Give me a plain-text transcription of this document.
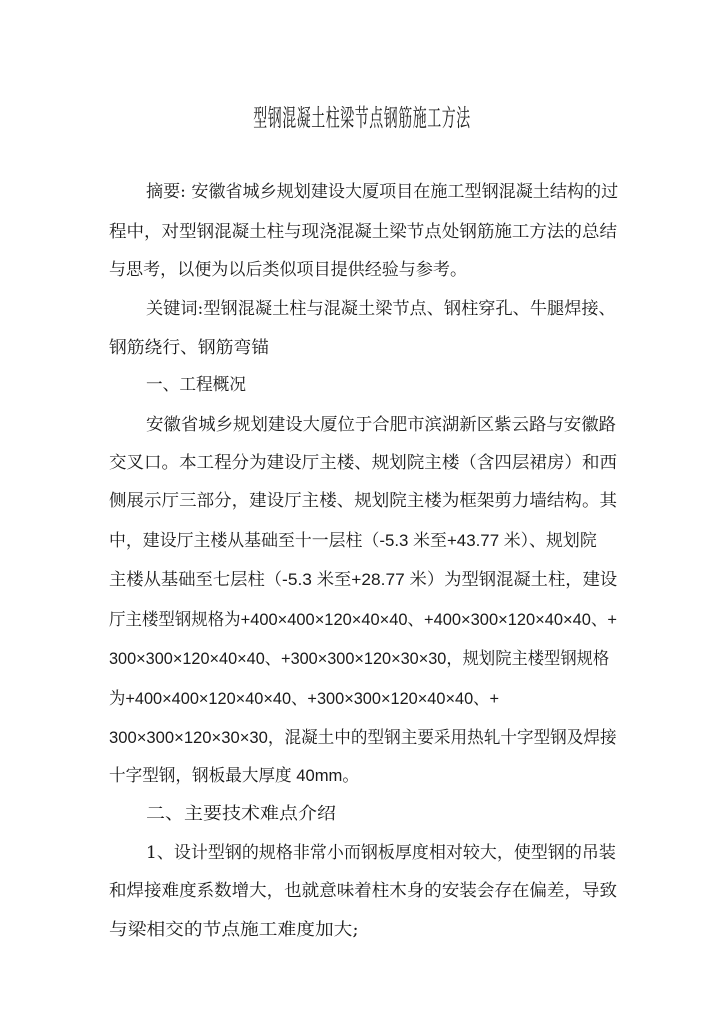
型钢混凝土柱梁节点钢筋施工方法
摘要: 安徽省城乡规划建设大厦项目在施工型钢混凝土结构的过
程中，对型钢混凝土柱与现浇混凝土梁节点处钢筋施工方法的总结
与思考，以便为以后类似项目提供经验与参考。
关键词:型钢混凝土柱与混凝土梁节点、钢柱穿孔、牛腿焊接、
钢筋绕行、钢筋弯锚
一、工程概况
安徽省城乡规划建设大厦位于合肥市滨湖新区紫云路与安徽路
交叉口。本工程分为建设厅主楼、规划院主楼（含四层裙房）和西
侧展示厅三部分，建设厅主楼、规划院主楼为框架剪力墙结构。其
中，建设厅主楼从基础至十一层柱（-5.3 米至+43.77 米）、规划院
主楼从基础至七层柱（-5.3 米至+28.77 米）为型钢混凝土柱，建设
厅主楼型钢规格为+400×400×120×40×40、+400×300×120×40×40、+
300×300×120×40×40、+300×300×120×30×30，规划院主楼型钢规格
为+400×400×120×40×40、+300×300×120×40×40、+
300×300×120×30×30，混凝土中的型钢主要采用热轧十字型钢及焊接
十字型钢，钢板最大厚度 40mm。
二、主要技术难点介绍
1、设计型钢的规格非常小而钢板厚度相对较大，使型钢的吊装
和焊接难度系数增大，也就意味着柱木身的安装会存在偏差，导致
与梁相交的节点施工难度加大;
